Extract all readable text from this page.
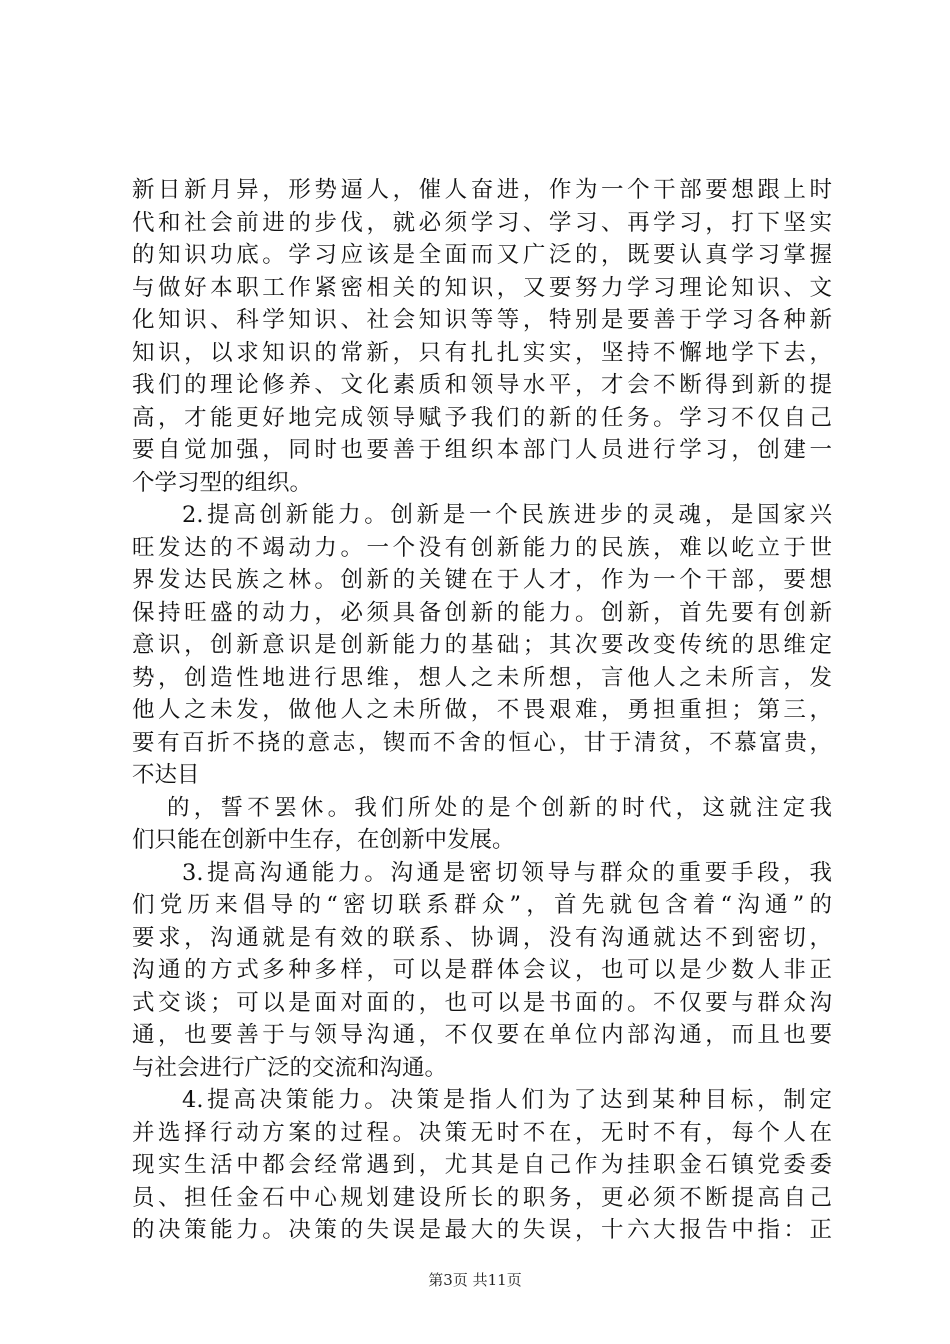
新日新月异，形势逼人，催人奋进，作为一个干部要想跟上时
代和社会前进的步伐，就必须学习、学习、再学习，打下坚实
的知识功底。学习应该是全面而又广泛的，既要认真学习掌握
与做好本职工作紧密相关的知识，又要努力学习理论知识、文
化知识、科学知识、社会知识等等，特别是要善于学习各种新
知识，以求知识的常新，只有扎扎实实，坚持不懈地学下去，
我们的理论修养、文化素质和领导水平，才会不断得到新的提
高，才能更好地完成领导赋予我们的新的任务。学习不仅自己
要自觉加强，同时也要善于组织本部门人员进行学习，创建一
个学习型的组织。
2.提高创新能力。创新是一个民族进步的灵魂，是国家兴
旺发达的不竭动力。一个没有创新能力的民族，难以屹立于世
界发达民族之林。创新的关键在于人才，作为一个干部，要想
保持旺盛的动力，必须具备创新的能力。创新，首先要有创新
意识，创新意识是创新能力的基础；其次要改变传统的思维定
势，创造性地进行思维，想人之未所想，言他人之未所言，发
他人之未发，做他人之未所做，不畏艰难，勇担重担；第三，
要有百折不挠的意志，锲而不舍的恒心，甘于清贫，不慕富贵，
不达目
的，誓不罢休。我们所处的是个创新的时代，这就注定我
们只能在创新中生存，在创新中发展。
3.提高沟通能力。沟通是密切领导与群众的重要手段，我
们党历来倡导的“密切联系群众”，首先就包含着“沟通”的
要求，沟通就是有效的联系、协调，没有沟通就达不到密切，
沟通的方式多种多样，可以是群体会议，也可以是少数人非正
式交谈；可以是面对面的，也可以是书面的。不仅要与群众沟
通，也要善于与领导沟通，不仅要在单位内部沟通，而且也要
与社会进行广泛的交流和沟通。
4.提高决策能力。决策是指人们为了达到某种目标，制定
并选择行动方案的过程。决策无时不在，无时不有，每个人在
现实生活中都会经常遇到，尤其是自己作为挂职金石镇党委委
员、担任金石中心规划建设所长的职务，更必须不断提高自己
的决策能力。决策的失误是最大的失误，十六大报告中指：正
第3页 共11页
